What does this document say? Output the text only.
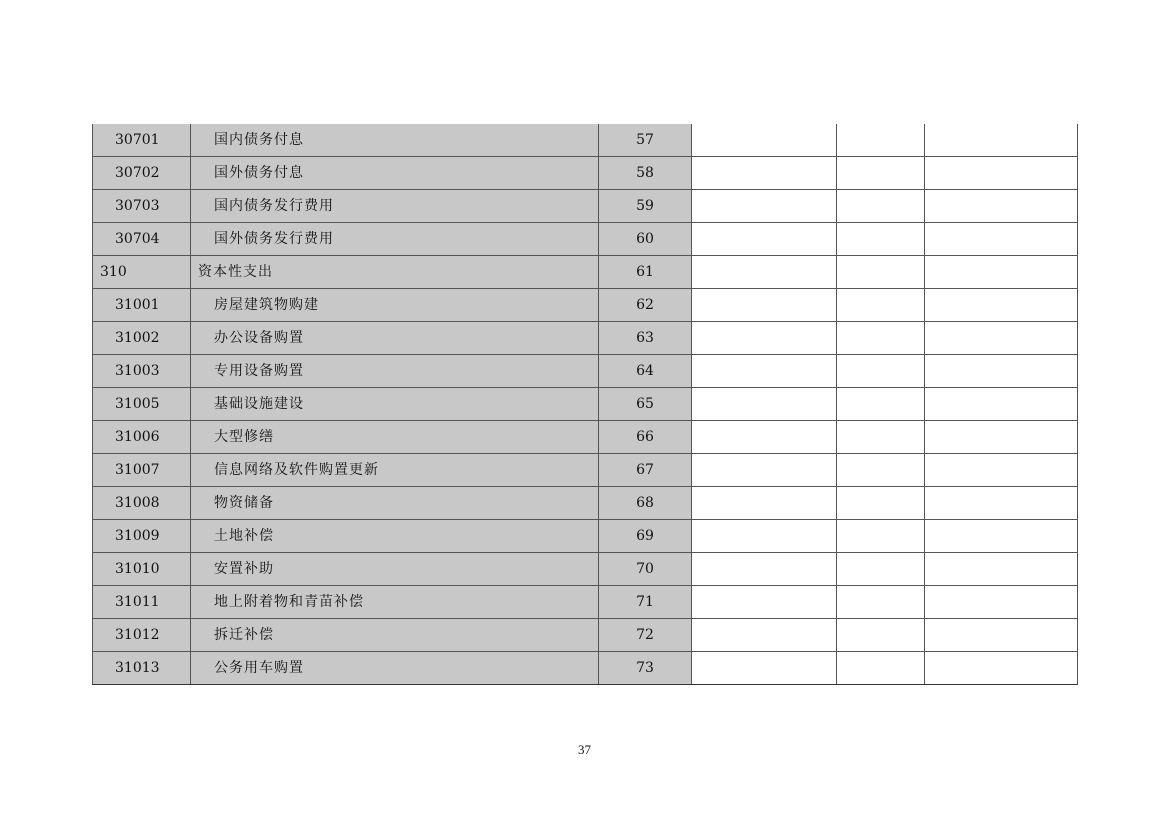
30701	国内债务付息	57			
30702	国外债务付息	58			
30703	国内债务发行费用	59			
30704	国外债务发行费用	60			
310	资本性支出	61			
31001	房屋建筑物购建	62			
31002	办公设备购置	63			
31003	专用设备购置	64			
31005	基础设施建设	65			
31006	大型修缮	66			
31007	信息网络及软件购置更新	67			
31008	物资储备	68			
31009	土地补偿	69			
31010	安置补助	70			
31011	地上附着物和青苗补偿	71			
31012	拆迁补偿	72			
31013	公务用车购置	73			
37
